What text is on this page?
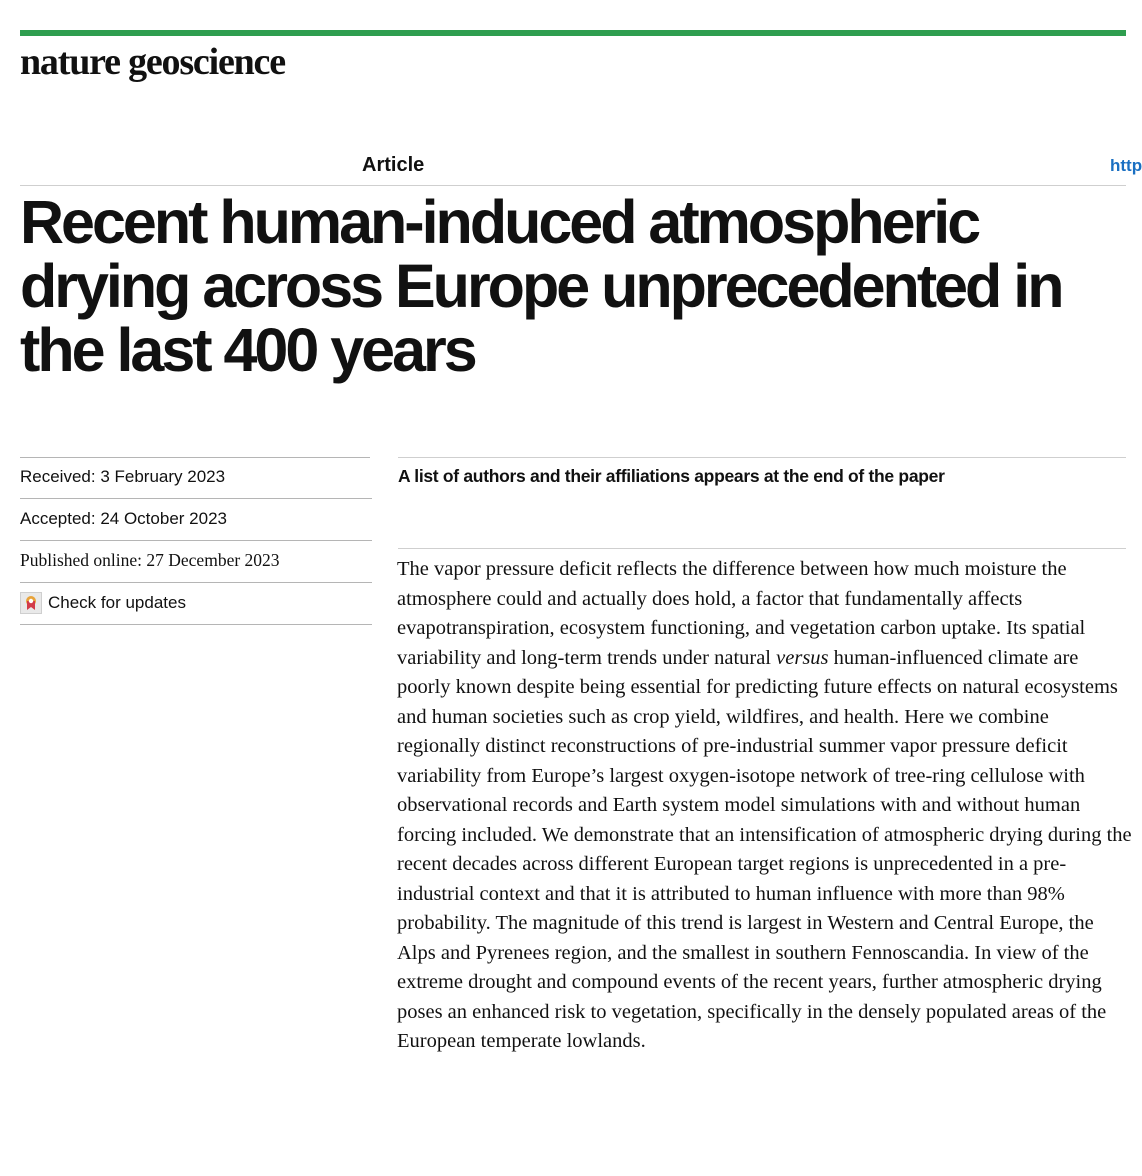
nature geoscience
Article	http
Recent human-induced atmospheric drying across Europe unprecedented in the last 400 years
Received: 3 February 2023
Accepted: 24 October 2023
Published online: 27 December 2023
Check for updates
A list of authors and their affiliations appears at the end of the paper

The vapor pressure deficit reflects the difference between how much moisture the atmosphere could and actually does hold, a factor that fundamentally affects evapotranspiration, ecosystem functioning, and vegetation carbon uptake. Its spatial variability and long-term trends under natural versus human-influenced climate are poorly known despite being essential for predicting future effects on natural ecosystems and human societies such as crop yield, wildfires, and health. Here we combine regionally distinct reconstructions of pre-industrial summer vapor pressure deficit variability from Europe’s largest oxygen-isotope network of tree-ring cellulose with observational records and Earth system model simulations with and without human forcing included. We demonstrate that an intensification of atmospheric drying during the recent decades across different European target regions is unprecedented in a pre-industrial context and that it is attributed to human influence with more than 98% probability. The magnitude of this trend is largest in Western and Central Europe, the Alps and Pyrenees region, and the smallest in southern Fennoscandia. In view of the extreme drought and compound events of the recent years, further atmospheric drying poses an enhanced risk to vegetation, specifically in the densely populated areas of the European temperate lowlands.
